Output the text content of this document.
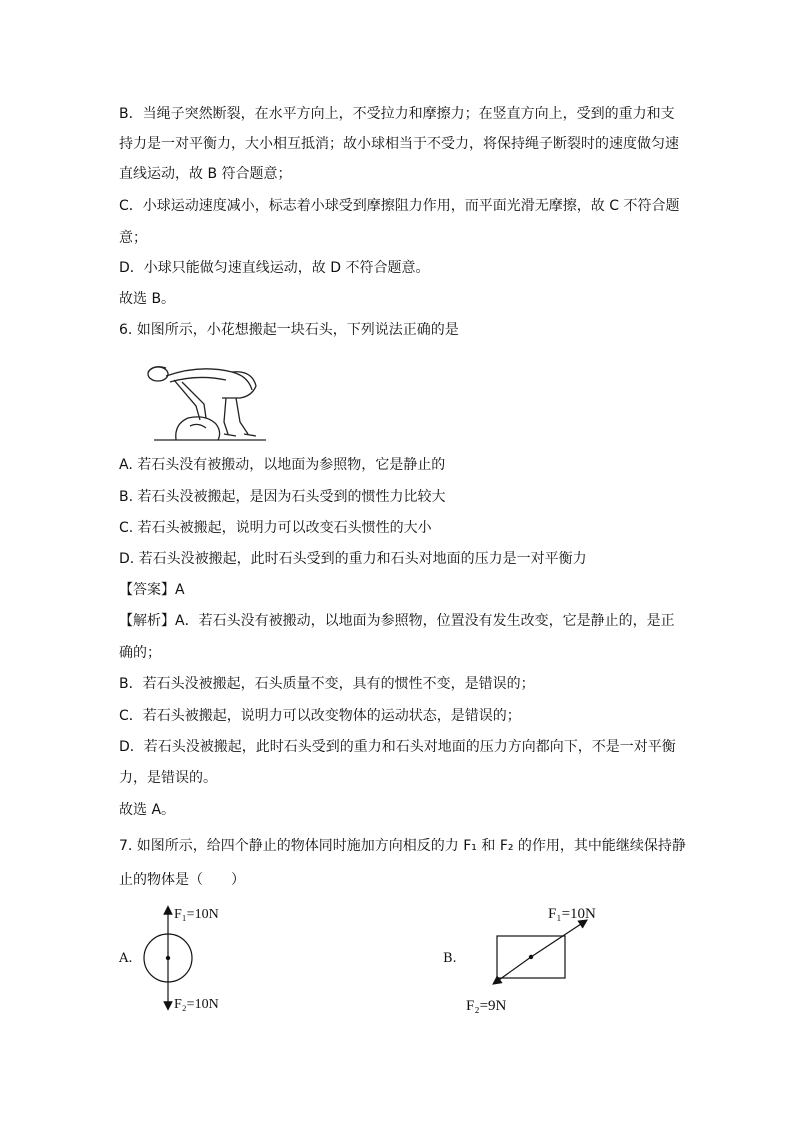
B．当绳子突然断裂，在水平方向上，不受拉力和摩擦力；在竖直方向上，受到的重力和支
持力是一对平衡力，大小相互抵消；故小球相当于不受力，将保持绳子断裂时的速度做匀速
直线运动，故 B 符合题意；
C．小球运动速度减小，标志着小球受到摩擦阻力作用，而平面光滑无摩擦，故 C 不符合题
意；
D．小球只能做匀速直线运动，故 D 不符合题意。
故选 B。
6. 如图所示，小花想搬起一块石头，下列说法正确的是
A. 若石头没有被搬动，以地面为参照物，它是静止的
B. 若石头没被搬起，是因为石头受到的惯性力比较大
C. 若石头被搬起，说明力可以改变石头惯性的大小
D. 若石头没被搬起，此时石头受到的重力和石头对地面的压力是一对平衡力
【答案】A
【解析】A．若石头没有被搬动，以地面为参照物，位置没有发生改变，它是静止的，是正
确的；
B．若石头没被搬起，石头质量不变，具有的惯性不变，是错误的；
C．若石头被搬起，说明力可以改变物体的运动状态，是错误的；
D．若石头没被搬起，此时石头受到的重力和石头对地面的压力方向都向下，不是一对平衡
力，是错误的。
故选 A。
7. 如图所示，给四个静止的物体同时施加方向相反的力 F₁ 和 F₂ 的作用，其中能继续保持静
止的物体是（　　）
A.
F₁=10N
F₂=10N
B.
F₁=10N
F₂=9N
